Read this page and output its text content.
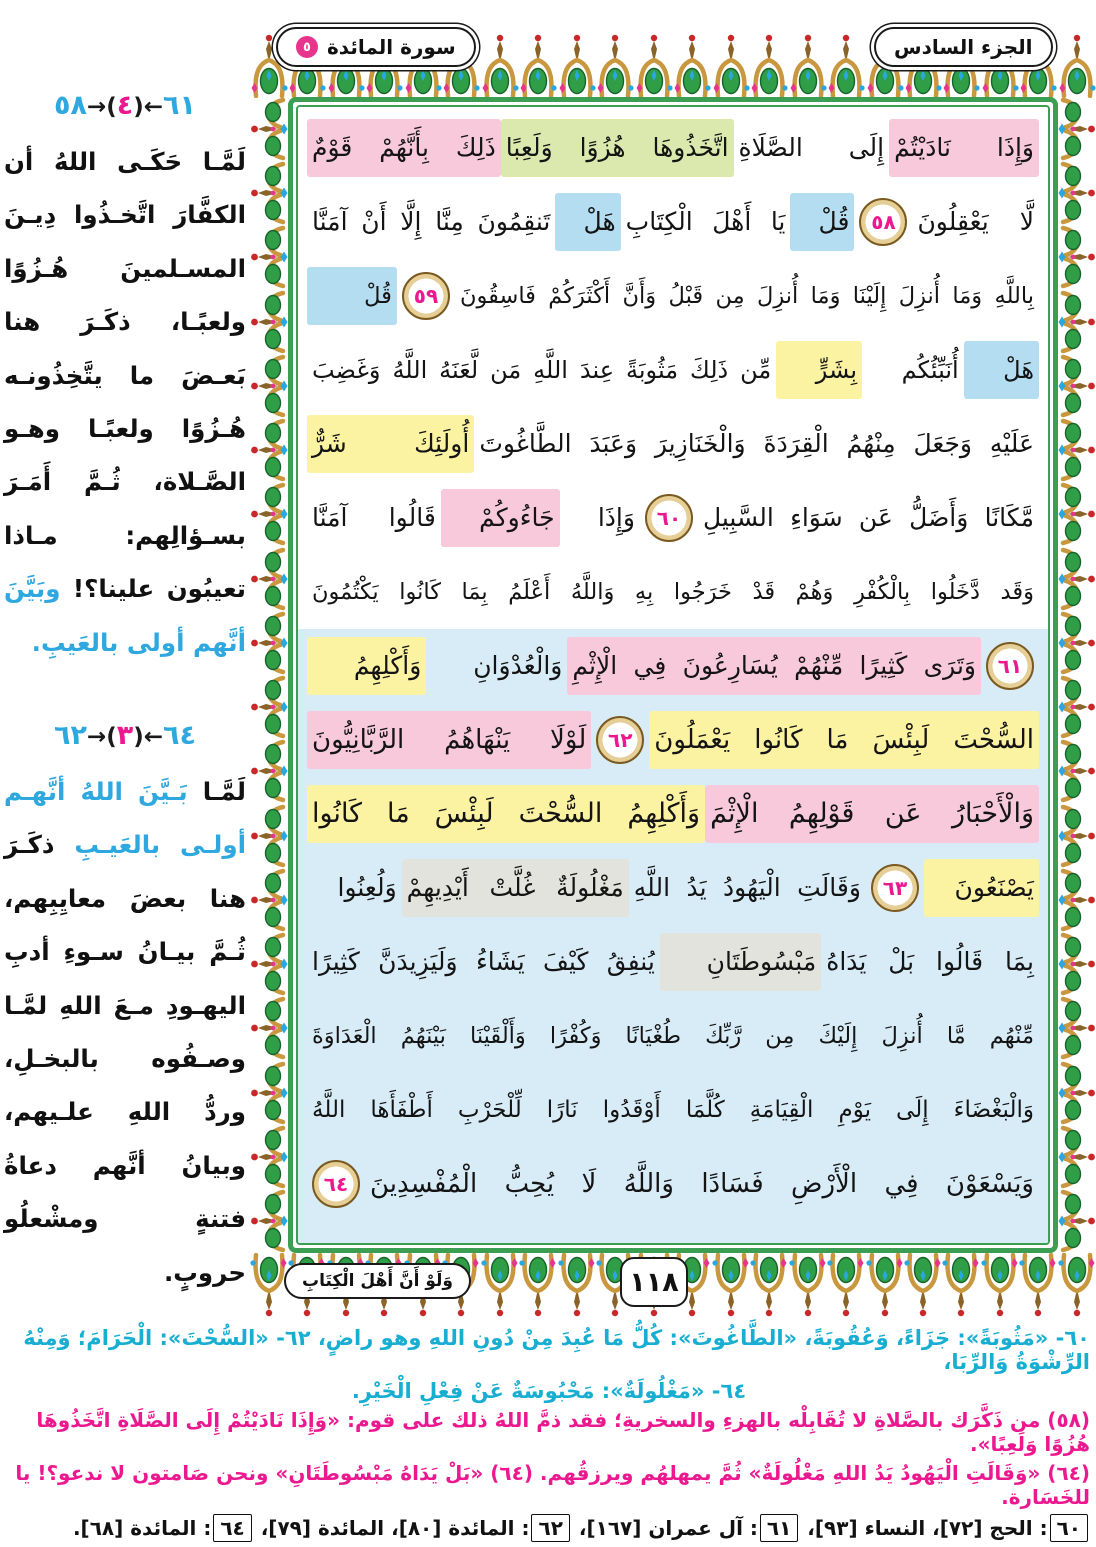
٦١←(٤)→٥٨

لَمَّـا حَكَـى اللهُ أن الكفَّارَ اتَّخـذُوا دِيـنَ المسـلمينَ هُـزُوًا ولعبًـا، ذكَـرَ هنا بَعـضَ ما يتَّخِذُونـه هُـزُوًا ولعبًـا وهـو الصَّـلاة، ثُـمَّ أَمَـرَ بسـؤالِهم: مـاذا تعيبُون علينا؟! وبَيَّنَ أنَّهم أولى بالعَيبِ.

٦٤←(٣)→٦٢

لَمَّـا بَـيَّنَ اللهُ أنَّهـم أولـى بالعَيـبِ ذكَـرَ هنا بعضَ معايِبِهم، ثُـمَّ بيـانُ سـوءِ أدبِ اليهـودِ مـعَ اللهِ لمَّـا وصـفُوه بالبخـلِ، وردُّ اللهِ علـيهم، وبيانُ أنَّهم دعاةُ فتنةٍ ومشْعلُو حروبٍ.

الجزء السادس
سورة المائدة
٥
وَإِذَا نَادَيْتُمْ
إِلَى الصَّلَاةِ
اتَّخَذُوهَا هُزُوًا وَلَعِبًا
ذَلِكَ بِأَنَّهُمْ قَوْمٌ
لَّا يَعْقِلُونَ
٥٨
قُلْ
يَا أَهْلَ الْكِتَابِ
هَلْ
تَنقِمُونَ مِنَّا إِلَّا أَنْ آمَنَّا
بِاللَّهِ وَمَا أُنزِلَ إِلَيْنَا وَمَا أُنزِلَ مِن قَبْلُ وَأَنَّ أَكْثَرَكُمْ فَاسِقُونَ
٥٩
قُلْ
هَلْ
أُنَبِّئُكُم
بِشَرٍّ
مِّن ذَلِكَ مَثُوبَةً عِندَ اللَّهِ مَن لَّعَنَهُ اللَّهُ وَغَضِبَ
عَلَيْهِ وَجَعَلَ مِنْهُمُ الْقِرَدَةَ وَالْخَنَازِيرَ وَعَبَدَ الطَّاغُوتَ
أُولَئِكَ شَرٌّ
مَّكَانًا وَأَضَلُّ عَن سَوَاءِ السَّبِيلِ
٦٠
وَإِذَا
جَاءُوكُمْ
قَالُوا آمَنَّا
وَقَد دَّخَلُوا بِالْكُفْرِ وَهُمْ قَدْ خَرَجُوا بِهِ وَاللَّهُ أَعْلَمُ بِمَا كَانُوا يَكْتُمُونَ
٦١
وَتَرَى كَثِيرًا مِّنْهُمْ يُسَارِعُونَ فِي الْإِثْمِ
وَالْعُدْوَانِ
وَأَكْلِهِمُ
السُّحْتَ لَبِئْسَ مَا كَانُوا يَعْمَلُونَ
٦٢
لَوْلَا يَنْهَاهُمُ الرَّبَّانِيُّونَ
وَالْأَحْبَارُ عَن قَوْلِهِمُ الْإِثْمَ
وَأَكْلِهِمُ السُّحْتَ لَبِئْسَ مَا كَانُوا
يَصْنَعُونَ
٦٣
وَقَالَتِ الْيَهُودُ يَدُ اللَّهِ
مَغْلُولَةٌ غُلَّتْ أَيْدِيهِمْ
وَلُعِنُوا
بِمَا قَالُوا بَلْ يَدَاهُ
مَبْسُوطَتَانِ
يُنفِقُ كَيْفَ يَشَاءُ وَلَيَزِيدَنَّ كَثِيرًا
مِّنْهُم مَّا أُنزِلَ إِلَيْكَ مِن رَّبِّكَ طُغْيَانًا وَكُفْرًا وَأَلْقَيْنَا بَيْنَهُمُ الْعَدَاوَةَ
وَالْبَغْضَاءَ إِلَى يَوْمِ الْقِيَامَةِ كُلَّمَا أَوْقَدُوا نَارًا لِّلْحَرْبِ أَطْفَأَهَا اللَّهُ
وَيَسْعَوْنَ فِي الْأَرْضِ فَسَادًا وَاللَّهُ لَا يُحِبُّ الْمُفْسِدِينَ
٦٤
وَلَوْ أَنَّ أَهْلَ الْكِتَابِ	١١٨

٦٠- «مَثُوبَةً»: جَزَاءً، وَعُقُوبَةً، «الطَّاغُوتَ»: كُلُّ مَا عُبِدَ مِنْ دُونِ اللهِ وهو راضٍ، ٦٢- «السُّحْتَ»: الْحَرَامَ؛ وَمِنْهُ الرِّشْوَةُ وَالرِّبَا،

٦٤- «مَغْلُولَةٌ»: مَحْبُوسَةٌ عَنْ فِعْلِ الْخَيْرِ.

(٥٨) من ذَكَّرَك بالصَّلاةِ لا تُقَابِلْه بالهزءِ والسخريةِ؛ فقد ذمَّ اللهُ ذلك على قوم: «وَإِذَا نَادَيْتُمْ إِلَى الصَّلَاةِ اتَّخَذُوهَا هُزُوًا وَلَعِبًا».

(٦٤) «وَقَالَتِ الْيَهُودُ يَدُ اللهِ مَغْلُولَةٌ» ثُمَّ يمهلهُم ويرزقُهم. (٦٤) «بَلْ يَدَاهُ مَبْسُوطَتَانِ» ونحن صَامتون لا ندعو؟! يا للخَسَارة.

٦٠: الحج [٧٢]، النساء [٩٣]، ٦١: آل عمران [١٦٧]، ٦٢: المائدة [٨٠]، المائدة [٧٩]، ٦٤: المائدة [٦٨].
